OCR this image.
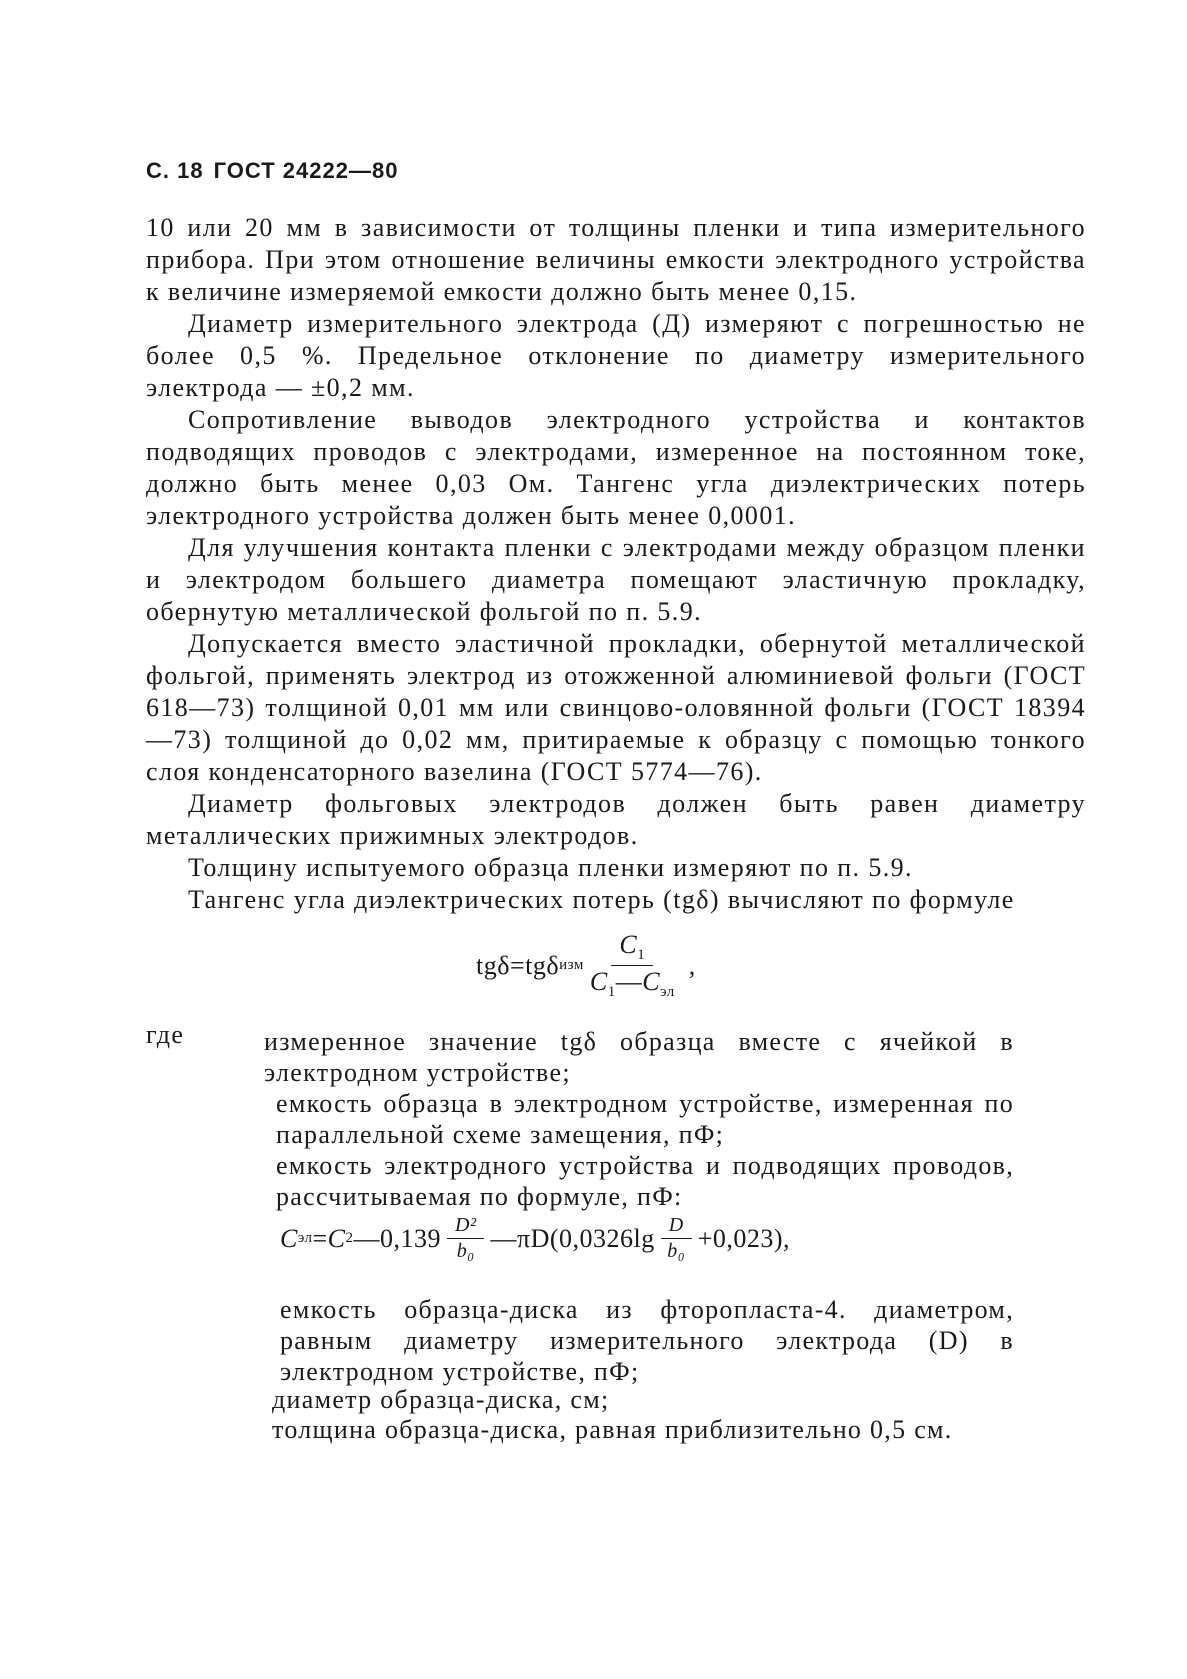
С. 18 ГОСТ 24222—80

10 или 20 мм в зависимости от толщины пленки и типа измерительного прибора. При этом отношение величины емкости электродного устройства к величине измеряемой емкости должно быть менее 0,15.

Диаметр измерительного электрода (Д) измеряют с погрешностью не более 0,5 %. Предельное отклонение по диаметру измерительного электрода — ±0,2 мм.

Сопротивление выводов электродного устройства и контактов подводящих проводов с электродами, измеренное на постоянном токе, должно быть менее 0,03 Ом. Тангенс угла диэлектрических потерь электродного устройства должен быть менее 0,0001.

Для улучшения контакта пленки с электродами между образцом пленки и электродом большего диаметра помещают эластичную прокладку, обернутую металлической фольгой по п. 5.9.

Допускается вместо эластичной прокладки, обернутой металлической фольгой, применять электрод из отожженной алюминиевой фольги (ГОСТ 618—73) толщиной 0,01 мм или свинцово-оловянной фольги (ГОСТ 18394—73) толщиной до 0,02 мм, притираемые к образцу с помощью тонкого слоя конденсаторного вазелина (ГОСТ 5774—76).

Диаметр фольговых электродов должен быть равен диаметру металлических прижимных электродов.

Толщину испытуемого образца пленки измеряют по п. 5.9.

Тангенс угла диэлектрических потерь (tgδ) вычисляют по формуле

tgδ = tgδ изм $\frac{C_1}{C_1—C_{эл}}$ ,
где	измеренное значение tgδ образца вместе с ячейкой в электродном устройстве;
емкость образца в электродном устройстве, измеренная по параллельной схеме замещения, пФ;
емкость электродного устройства и подводящих проводов, рассчитываемая по формуле, пФ:
C эл = C 2 —0,139 $\frac{\text{D²}}{\text{b₀}}$ —πD(0,0326lg $\frac{D}{\text{b₀}} +0,023$),
емкость образца-диска из фторопласта-4. диаметром, равным диаметру измерительного электрода (D) в электродном устройстве, пФ;
диаметр образца-диска, см;
толщина образца-диска, равная приблизительно 0,5 см.
